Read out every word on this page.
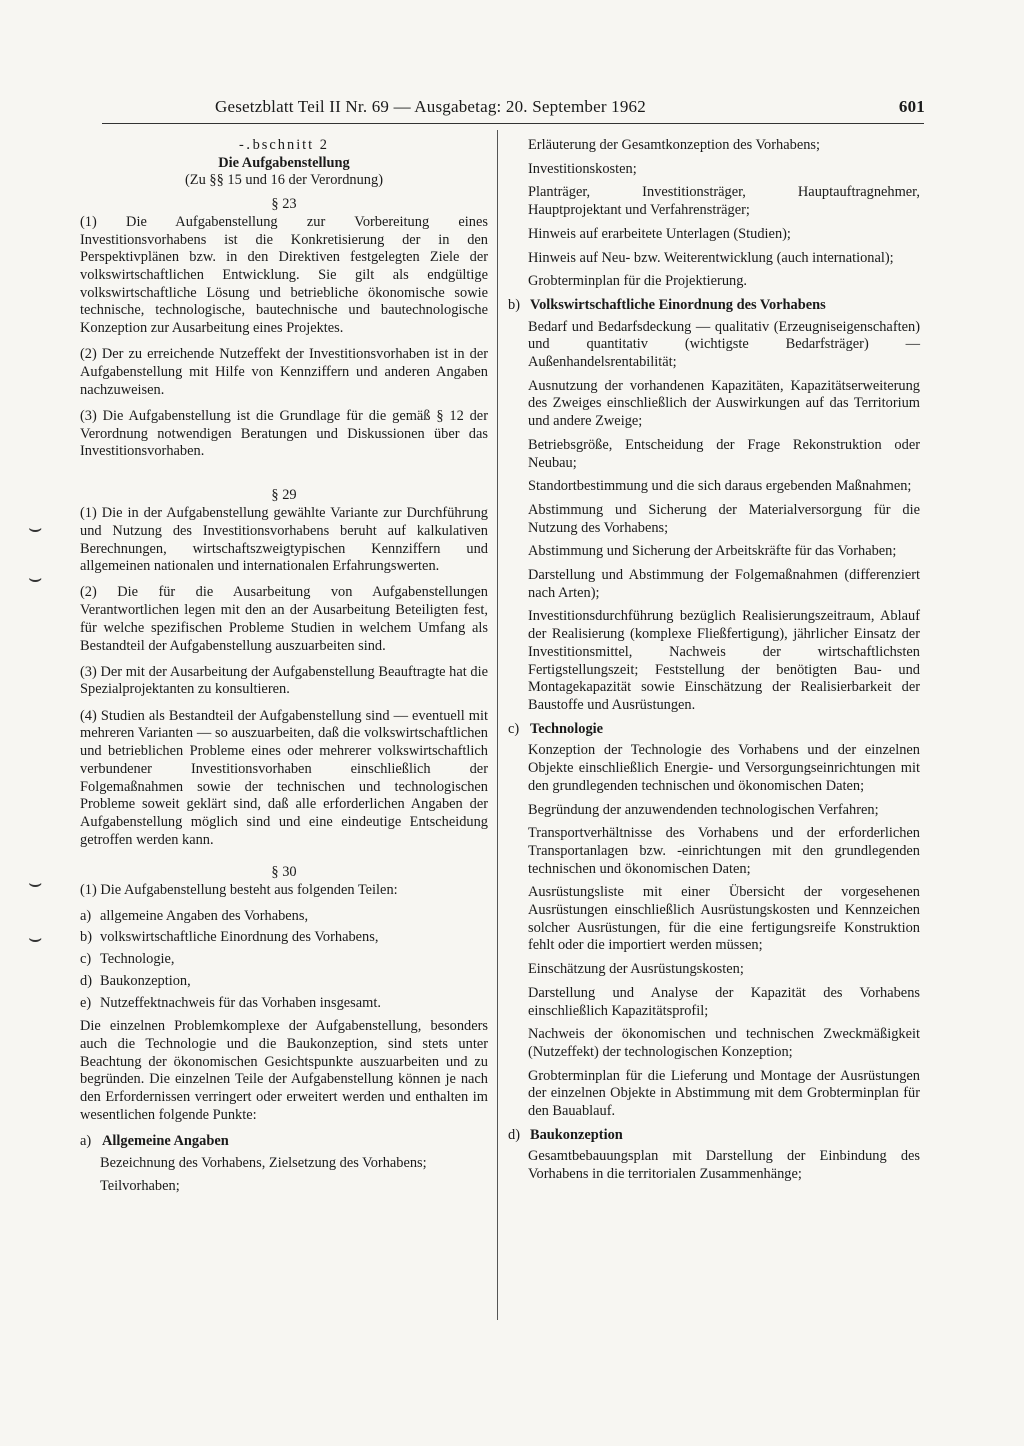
Gesetzblatt Teil II Nr. 69 — Ausgabetag: 20. September 1962	601

-․bschnitt 2

Die Aufgabenstellung

(Zu §§ 15 und 16 der Verordnung)

§ 23

(1) Die Aufgabenstellung zur Vorbereitung eines Investitionsvorhabens ist die Konkretisierung der in den Perspektivplänen bzw. in den Direktiven festgelegten Ziele der volkswirtschaftlichen Entwicklung. Sie gilt als endgültige volkswirtschaftliche Lösung und betriebliche ökonomische sowie technische, technologische, bautechnische und bautechnologische Konzeption zur Ausarbeitung eines Projektes.

(2) Der zu erreichende Nutzeffekt der Investitionsvorhaben ist in der Aufgabenstellung mit Hilfe von Kennziffern und anderen Angaben nachzuweisen.

(3) Die Aufgabenstellung ist die Grundlage für die gemäß § 12 der Verordnung notwendigen Beratungen und Diskussionen über das Investitionsvorhaben.

§ 29

(1) Die in der Aufgabenstellung gewählte Variante zur Durchführung und Nutzung des Investitionsvorhabens beruht auf kalkulativen Berechnungen, wirtschaftszweigtypischen Kennziffern und allgemeinen nationalen und internationalen Erfahrungswerten.

(2) Die für die Ausarbeitung von Aufgabenstellungen Verantwortlichen legen mit den an der Ausarbeitung Beteiligten fest, für welche spezifischen Probleme Studien in welchem Umfang als Bestandteil der Aufgabenstellung auszuarbeiten sind.

(3) Der mit der Ausarbeitung der Aufgabenstellung Beauftragte hat die Spezialprojektanten zu konsultieren.

(4) Studien als Bestandteil der Aufgabenstellung sind — eventuell mit mehreren Varianten — so auszuarbeiten, daß die volkswirtschaftlichen und betrieblichen Probleme eines oder mehrerer volkswirtschaftlich verbundener Investitionsvorhaben einschließlich der Folgemaßnahmen sowie der technischen und technologischen Probleme soweit geklärt sind, daß alle erforderlichen Angaben der Aufgabenstellung möglich sind und eine eindeutige Entscheidung getroffen werden kann.

§ 30

(1) Die Aufgabenstellung besteht aus folgenden Teilen:

a) allgemeine Angaben des Vorhabens,
b) volkswirtschaftliche Einordnung des Vorhabens,
c) Technologie,
d) Baukonzeption,
e) Nutzeffektnachweis für das Vorhaben insgesamt.

Die einzelnen Problemkomplexe der Aufgabenstellung, besonders auch die Technologie und die Baukonzeption, sind stets unter Beachtung der ökonomischen Gesichtspunkte auszuarbeiten und zu begründen. Die einzelnen Teile der Aufgabenstellung können je nach den Erfordernissen verringert oder erweitert werden und enthalten im wesentlichen folgende Punkte:

a) Allgemeine Angaben

Bezeichnung des Vorhabens, Zielsetzung des Vorhabens;

Teilvorhaben;

Erläuterung der Gesamtkonzeption des Vorhabens;

Investitionskosten;

Planträger, Investitionsträger, Hauptauftragnehmer, Hauptprojektant und Verfahrensträger;

Hinweis auf erarbeitete Unterlagen (Studien);

Hinweis auf Neu- bzw. Weiterentwicklung (auch international);

Grobterminplan für die Projektierung.

b) Volkswirtschaftliche Einordnung des Vorhabens

Bedarf und Bedarfsdeckung — qualitativ (Erzeugniseigenschaften) und quantitativ (wichtigste Bedarfsträger) — Außenhandelsrentabilität;

Ausnutzung der vorhandenen Kapazitäten, Kapazitätserweiterung des Zweiges einschließlich der Auswirkungen auf das Territorium und andere Zweige;

Betriebsgröße, Entscheidung der Frage Rekonstruktion oder Neubau;

Standortbestimmung und die sich daraus ergebenden Maßnahmen;

Abstimmung und Sicherung der Materialversorgung für die Nutzung des Vorhabens;

Abstimmung und Sicherung der Arbeitskräfte für das Vorhaben;

Darstellung und Abstimmung der Folgemaßnahmen (differenziert nach Arten);

Investitionsdurchführung bezüglich Realisierungszeitraum, Ablauf der Realisierung (komplexe Fließfertigung), jährlicher Einsatz der Investitionsmittel, Nachweis der wirtschaftlichsten Fertigstellungszeit; Feststellung der benötigten Bau- und Montagekapazität sowie Einschätzung der Realisierbarkeit der Baustoffe und Ausrüstungen.

c) Technologie

Konzeption der Technologie des Vorhabens und der einzelnen Objekte einschließlich Energie- und Versorgungseinrichtungen mit den grundlegenden technischen und ökonomischen Daten;

Begründung der anzuwendenden technologischen Verfahren;

Transportverhältnisse des Vorhabens und der erforderlichen Transportanlagen bzw. -einrichtungen mit den grundlegenden technischen und ökonomischen Daten;

Ausrüstungsliste mit einer Übersicht der vorgesehenen Ausrüstungen einschließlich Ausrüstungskosten und Kennzeichen solcher Ausrüstungen, für die eine fertigungsreife Konstruktion fehlt oder die importiert werden müssen;

Einschätzung der Ausrüstungskosten;

Darstellung und Analyse der Kapazität des Vorhabens einschließlich Kapazitätsprofil;

Nachweis der ökonomischen und technischen Zweckmäßigkeit (Nutzeffekt) der technologischen Konzeption;

Grobterminplan für die Lieferung und Montage der Ausrüstungen der einzelnen Objekte in Abstimmung mit dem Grobterminplan für den Bauablauf.

d) Baukonzeption

Gesamtbebauungsplan mit Darstellung der Einbindung des Vorhabens in die territorialen Zusammenhänge;

⌣
⌣
⌣
⌣
